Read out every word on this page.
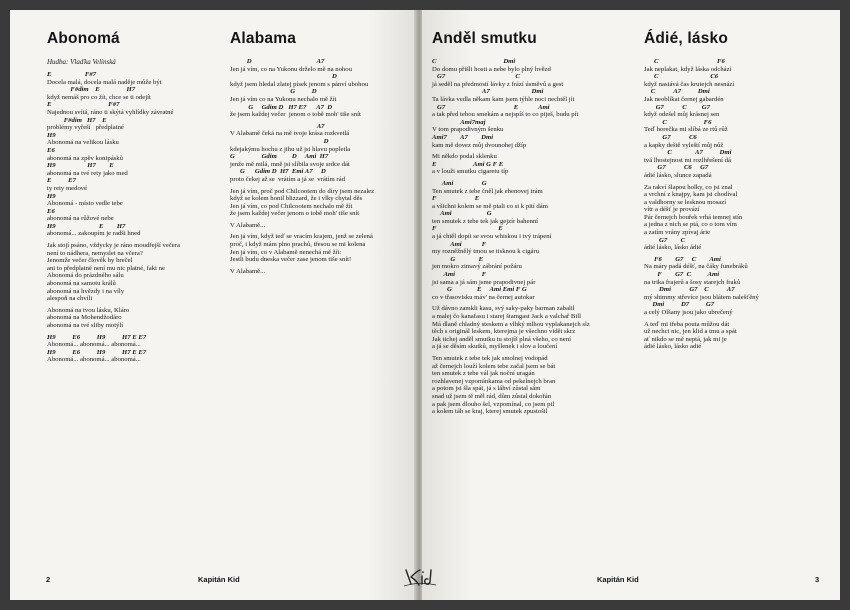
Abonomá
Hudba: Vlaďka Velínská
E                    F#7
Docela malá, docela malá naděje může být
F#dim    E                H7
když nemáš pro co žít, chce se ti odejít
E                                  F#7
Najednou svítá, ráno ti skýtá vyhlídky závratné
F#dim   H7    E
problémy vyřeší   předplatné
H9
Abonomá na velikou lásku
E6
abonomá na zpěv konipásků
H9                   H7        E
abonomá na tvé rety jako med
E          E7
ty rety medové
H9
Abonomá - místo vedle tebe
E6
abonomá na růžové nebe
H9                          E        H7
abonomá... zakoupím je radši hned
Jak stojí psáno, vždycky je ráno moudřejší večera
není to nádhera, nemyslet na včera?
Jenomže večer člověk by brečel
ani to předplatné není mu nic platné, fakt ne
Abonomá do prázdného sálu
abonomá na samotu králů
abonomá na hvězdy i na víly
alespoň na chvíli
Abonomá na tvou lásku, Kláro
abonomá na Mohendžodáro
abonomá na tvé sliby motýlí
H9          E6          H9          H7 E E7
Abonomá... abonomá... abonomá...
H9          E6          H9          H7 E E7
Abonomá... abonomá... abonomá...
Alabama
D                                       A7
Jen já vím, co na Yukonu drželo mě na nohou
D
když jsem hledal zlatej písek jenom s pánví ubohou
G          D
Jen já vím co na Yukonu nechalo mě žít
G     Gdim D   H7 E7      A7  D
že jsem každej večer  jenom o tobě moh' tiše snít
A7
V Alabamě čeká na mě tvoje krása rozkvetlá
D
kdejakýmu hochu z jihu už jsi hlavu popletla
G                Gdim         D     Ami  H7
jenže mě milá, mně jsi slíbila svoje srdce dát
G      Gdim D  H7  Emi A7     D
proto čekej až se  vrátím a já se  vrátím rád
Jen já vím, proč pod Chilcootem do díry jsem nezalez
když se kolem honil blizzard, že i vlky chytal děs
Jen já vím, co pod Chilcootem nechalo mě žít
že jsem každej večer jenom o tobě moh' tiše snít
V Alabamě...
Jen já vím, když teď se vracím krajem, jenž se zelená
proč, i když mám plno prachů, třesou se mi kolena
Jen já vím, co v Alabamě nenechá mě žít:
Jestli budu dneska večer zase jenom tiše snít!
V Alabamě...
2	Kapitán Kid
Anděl smutku
C                                        Dmi
Do domu přišli hosti a nebe bylo plný hvězd
G7                                          C
já seděl na předmostí lávky z frází úsměvů a gest
A7                         Dmi
Ta lávka vedla někam kam jsem týhle noci nechtěl jít
G7                                         E            Ami
a tak před tebou smekám a nejspíš to co piješ, budu pít
Ami7maj
V tom prapodivným šenku
Ami7        A7        Dmi
kam mě dovez můj dvounohej džíp
Mi někdo podal sklenku
E                      Ami G F E
a v louži smutku cigaretu típ
Ami                 G
Ten smutek z tebe čněl jak ebenovej trám
F                       E
a všichni kolem se mě ptali co si k pití dám
Ami                     G
ten smutek z tebe tek jak gejzír bahenní
F                                     E
a já chtěl dopít se svou whiskou i tvý trápení
Ami            F
my rozněžnělý tmou se tisknou k cigáru
G              E
jen mokro zimavý zábrání požáru
Ami                F
jsi sama a já sám jsme prapodivnej pár
G               E     Ami Emi F G
co v třasovisku máv' na černej autokar
Už dávno zamkli kasu, svý saky-paky barman zabalil
a malej čo kanafasu i starej štamgast Jack a valchař Bill
Má dlaně chladný steskem a vlhký mlhou vyplakanejch slz
těch s originál leskem, kterejma je všechno vidět skrz
Jak tichej anděl smutku tu stojíš plná všeho, co není
a já se děsím skutků, myšlenek i slov a loučení
Ten smutek z tebe tek jak smolnej vodopád
až černejch louží kolem tebe začal jsem se bát
ten smutek z tebe vál jak noční uragán
rozhlavenej vzpomínkama od pekelnejch bran
a potom jsi šla spát, já s láhví zůstal sám
snad už jsem tě měl rád, dům zůstal dokořán
a pak jsem dlouho šel, vzpomínal, co jsem pil
a kolem táh se kraj, kterej smutek zpustošil
Ádié, lásko
C                                   F6
Jak neplakat, když láska odchází
C                               C6
když nastává čas krutejch nesnází
C           A7          Dmi
Jak neoblíkat černej gabardén
G7           C         G7
když odešel můj krásnej sen
C                      F6
Teď horečka mi slíbá ze rtů růž
G7           C6
a kapky deště vyleští můj nůž
C              A7          Dmi
tvá lhostejnost mi rozlhřešení dá
G7           C6     G7
ádié lásko, slunce zapadá
Za rakví šlapou holky, co jsi znal
a vrchní z knajpy, kam jsi chodíval
a valdhorny se lesknou mosazí
vítr a déšť je provází
Pár černejch bouřek vrhá temnej stín
a jedna z nich se ptá, co o tom vím
a zatím vrány zpívaj árie
G7        C
ádié lásko, lásko ádié
F6        G7     C        Ami
Na máry padá déšť, na čáky funebráků
F        G7  C          Ami
na trika frajerů a šosy starejch fraků
Dmi           G7    C           A7
mý shimmy střevíce jsou blátem nalešťěný
Dmi          D7          G7
a celý Olšany jsou jako ubrečený
A teď mi třeba pouta můžou dát
už nechci nic, jen klid a tmu a spát
ať nikdo se mě neptá, jak mi je
ádié lásko, lásko adié
Kapitán Kid	3
